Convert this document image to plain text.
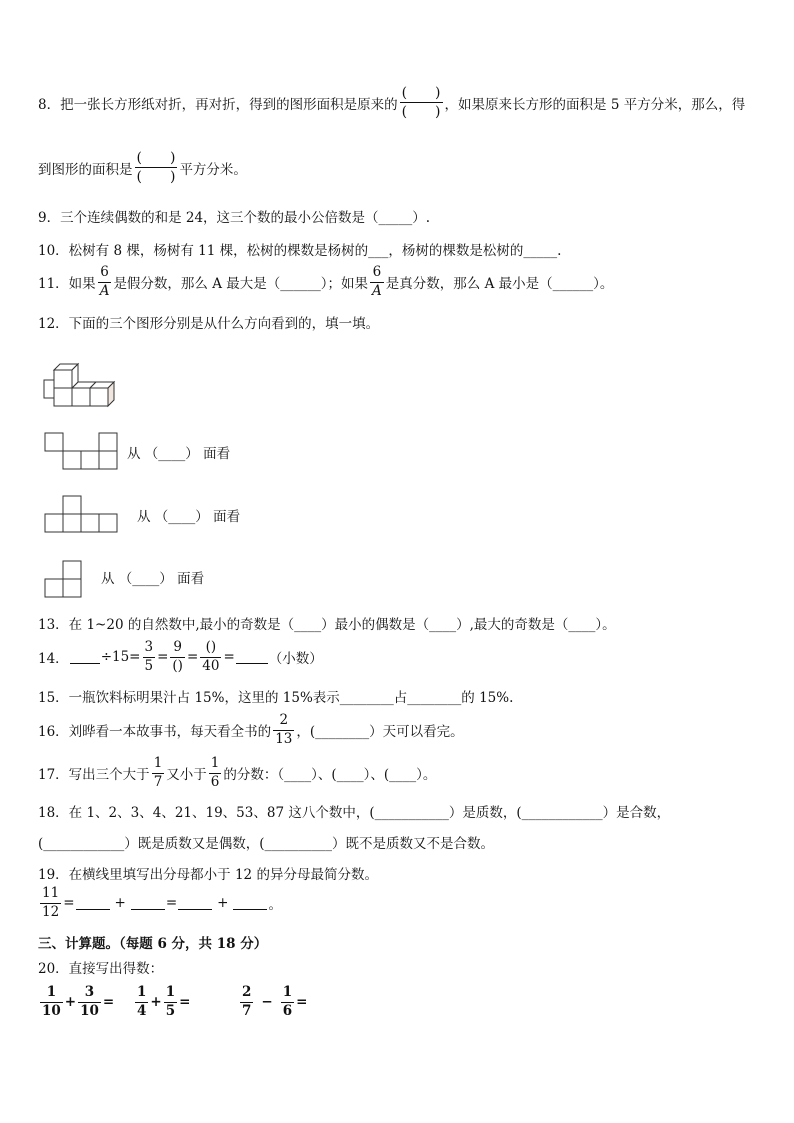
8．把一张长方形纸对折，再对折，得到的图形面积是原来的 $\frac{( )}{( )}$ ，如果原来长方形的面积是 5 平方分米，那么，得
到图形的面积是 $\frac{( )}{( )}$ 平方分米。
9．三个连续偶数的和是 24，这三个数的最小公倍数是（_____）.
10．松树有 8 棵，杨树有 11 棵，松树的棵数是杨树的___，杨树的棵数是松树的_____.
11．如果 $\frac{6}{A}$ 是假分数，那么 A 最大是（______）；如果 $\frac{6}{A}$ 是真分数，那么 A 最小是（______）。
12．下面的三个图形分别是从什么方向看到的，填一填。
从 （____） 面看
从 （____） 面看
从 （____） 面看
13．在 1~20 的自然数中,最小的奇数是（____）最小的偶数是（____）,最大的奇数是（____）。
14． $\div 15= \frac{3}{5} = \frac{9}{()} = \frac{()}{40}$ =	（小数）
15．一瓶饮料标明果汁占 15%，这里的 15%表示________占________的 15%.
16．刘晔看一本故事书，每天看全书的 $\frac{2}{13}$ ，(________）天可以看完。
17．写出三个大于 $\frac{1}{7}$ 又小于 $\frac{1}{6}$ 的分数：（____）、(____）、(____）。
18．在 1、2、3、4、21、19、53、87 这八个数中，(___________）是质数，(____________）是合数，
(____________）既是质数又是偶数，(__________）既不是质数又不是合数。
19．在横线里填写出分母都小于 12 的异分母最简分数。
$\frac{11}{12}$ =	+	=	+	。
三、计算题。（每题 6 分，共 18 分）
20．直接写出得数：
$\frac{1}{10} + \frac{3}{10} = \frac{1}{4} + \frac{1}{5}$ =	$\frac{2}{7} - \frac{1}{6}$ =
